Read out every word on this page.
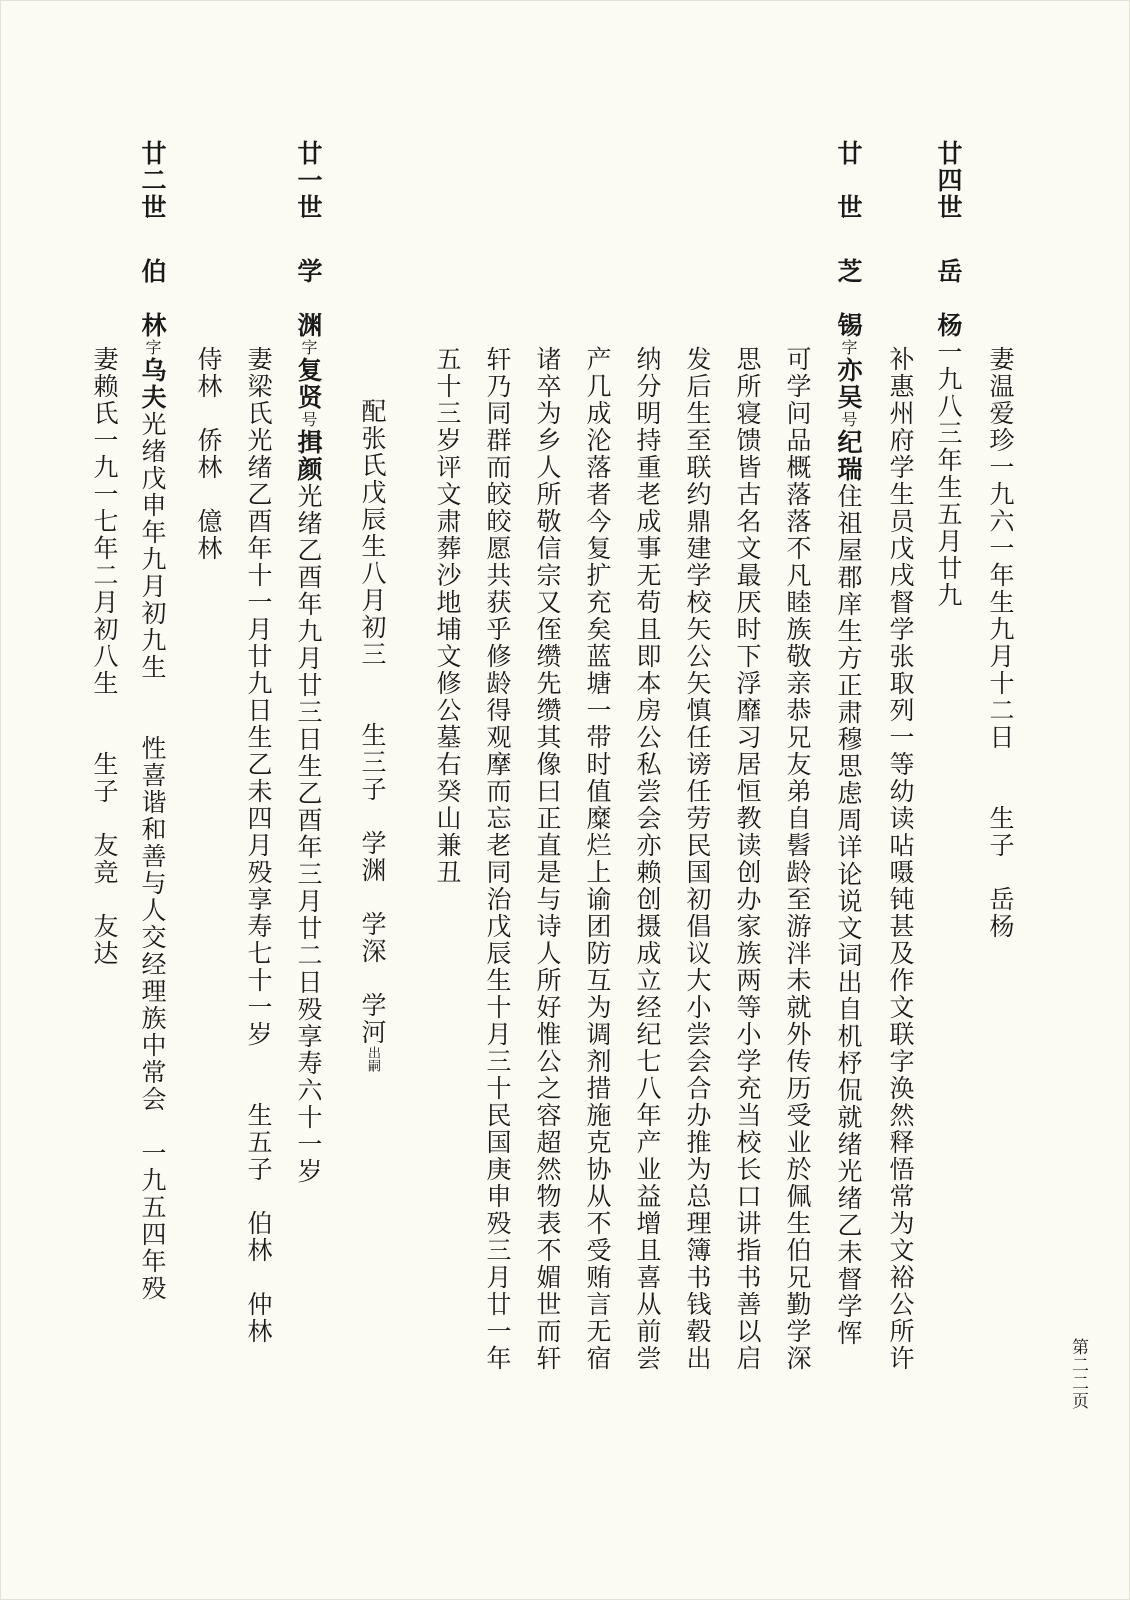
妻温爱珍一九六一年生九月十二日　　生子　岳杨
廿四世
岳　杨一九八三年生五月廿九
补惠州府学生员戊戌督学张取列一等幼读呫嗫钝甚及作文联字涣然释悟常为文裕公所许
廿　世
芝　锡字亦吴号纪瑞住祖屋郡庠生方正肃穆思虑周详论说文词出自机杼侃就绪光绪乙未督学恽
可学问品概落落不凡睦族敬亲恭兄友弟自髫龄至游泮未就外传历受业於佩生伯兄勤学深
思所寝馈皆古名文最厌时下浮靡习居恒教读创办家族两等小学充当校长口讲指书善以启
发后生至联约鼎建学校矢公矢慎任谤任劳民国初倡议大小尝会合办推为总理簿书钱毂出
纳分明持重老成事无苟且即本房公私尝会亦赖创摄成立经纪七八年产业益增且喜从前尝
产几成沦落者今复扩充矣蓝塘一带时值糜烂上谕团防互为调剂措施克协从不受贿言无宿
诸卒为乡人所敬信宗又侄缵先缵其像曰正直是与诗人所好惟公之容超然物表不媚世而轩
轩乃同群而皎皎愿共获乎修龄得观摩而忘老同治戊辰生十月三十民国庚申殁三月廿一年
五十三岁评文肃葬沙地埔文修公墓右癸山兼丑
配张氏戊辰生八月初三　　生三子　学渊　学深　学河出嗣
廿一世
学　渊字复贤号揖颜光绪乙酉年九月廿三日生乙酉年三月廿二日殁享寿六十一岁
妻梁氏光绪乙酉年十一月廿九日生乙未四月殁享寿七十一岁　　生五子　伯林　仲林
侍林　侨林　億林
廿二世
伯　林字乌夫光绪戊申年九月初九生　　性喜谐和善与人交经理族中常会　一九五四年殁
妻赖氏一九一七年二月初八生　　生子　友竞　友达
第二二页
